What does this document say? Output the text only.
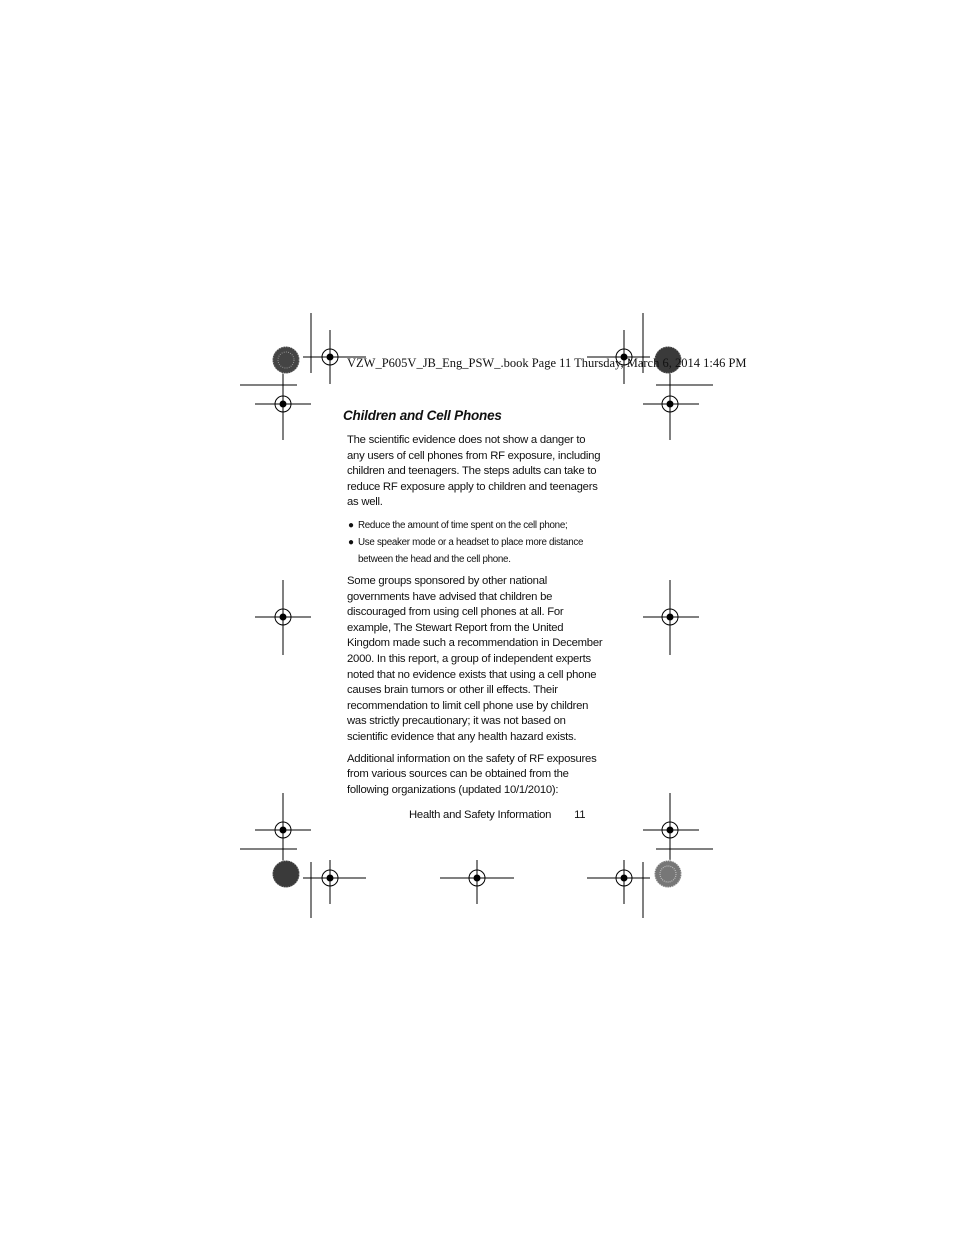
VZW_P605V_JB_Eng_PSW_.book Page 11 Thursday, March 6, 2014 1:46 PM
Children and Cell Phones

The scientific evidence does not show a danger to any users of cell phones from RF exposure, including children and teenagers. The steps adults can take to reduce RF exposure apply to children and teenagers as well.

● Reduce the amount of time spent on the cell phone;
● Use speaker mode or a headset to place more distance between the head and the cell phone.

Some groups sponsored by other national governments have advised that children be discouraged from using cell phones at all. For example, The Stewart Report from the United Kingdom made such a recommendation in December 2000. In this report, a group of independent experts noted that no evidence exists that using a cell phone causes brain tumors or other ill effects. Their recommendation to limit cell phone use by children was strictly precautionary; it was not based on scientific evidence that any health hazard exists.

Additional information on the safety of RF exposures from various sources can be obtained from the following organizations (updated 10/1/2010):

Health and Safety Information 11
